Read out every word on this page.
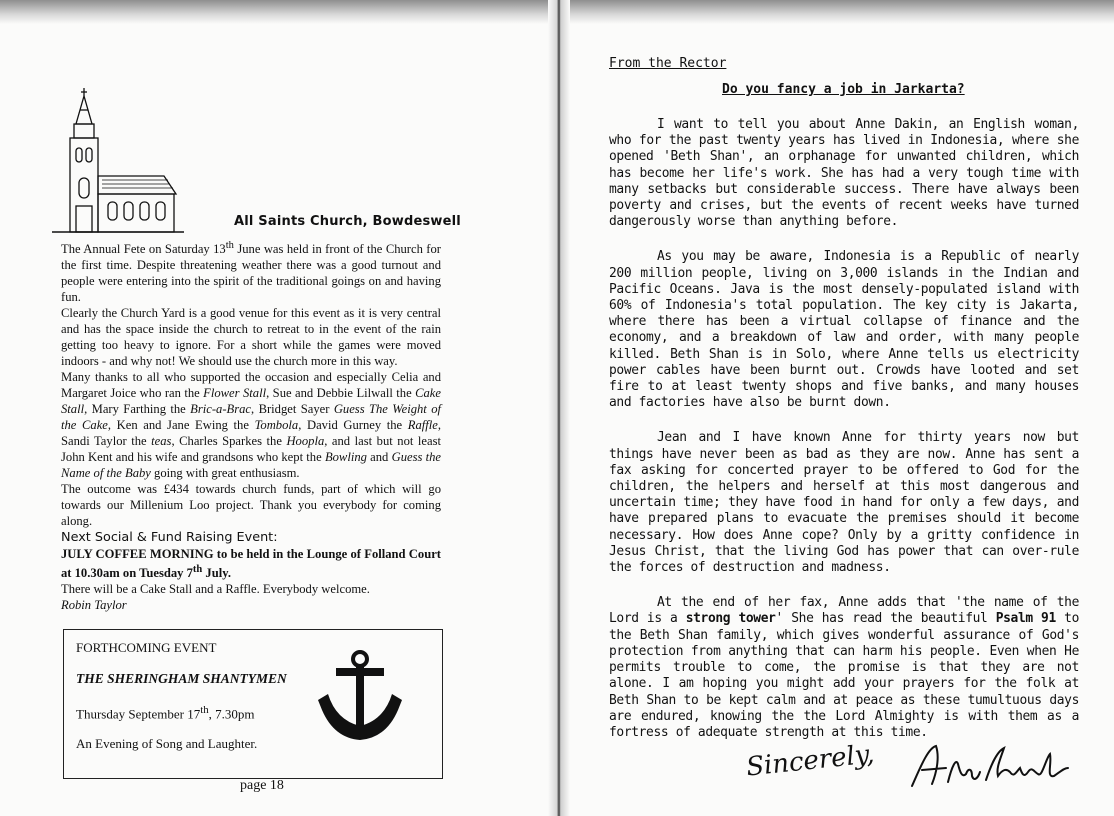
All Saints Church, Bowdeswell

The Annual Fete on Saturday 13th June was held in front of the Church for the first time. Despite threatening weather there was a good turnout and people were entering into the spirit of the traditional goings on and having fun.

Clearly the Church Yard is a good venue for this event as it is very central and has the space inside the church to retreat to in the event of the rain getting too heavy to ignore. For a short while the games were moved indoors - and why not! We should use the church more in this way.

Many thanks to all who supported the occasion and especially Celia and Margaret Joice who ran the Flower Stall, Sue and Debbie Lilwall the Cake Stall, Mary Farthing the Bric-a-Brac, Bridget Sayer Guess The Weight of the Cake, Ken and Jane Ewing the Tombola, David Gurney the Raffle, Sandi Taylor the teas, Charles Sparkes the Hoopla, and last but not least John Kent and his wife and grandsons who kept the Bowling and Guess the Name of the Baby going with great enthusiasm.

The outcome was £434 towards church funds, part of which will go towards our Millenium Loo project. Thank you everybody for coming along.

Next Social & Fund Raising Event:

JULY COFFEE MORNING to be held in the Lounge of Folland Court at 10.30am on Tuesday 7th July.

There will be a Cake Stall and a Raffle. Everybody welcome.

Robin Taylor

FORTHCOMING EVENT
THE SHERINGHAM SHANTYMEN
Thursday September 17th, 7.30pm
An Evening of Song and Laughter.
page 18
From the Rector
Do you fancy a job in Jarkarta?

I want to tell you about Anne Dakin, an English woman, who for the past twenty years has lived in Indonesia, where she opened 'Beth Shan', an orphanage for unwanted children, which has become her life's work. She has had a very tough time with many setbacks but considerable success. There have always been poverty and crises, but the events of recent weeks have turned dangerously worse than anything before.

As you may be aware, Indonesia is a Republic of nearly 200 million people, living on 3,000 islands in the Indian and Pacific Oceans. Java is the most densely-populated island with 60% of Indonesia's total population. The key city is Jakarta, where there has been a virtual collapse of finance and the economy, and a breakdown of law and order, with many people killed. Beth Shan is in Solo, where Anne tells us electricity power cables have been burnt out. Crowds have looted and set fire to at least twenty shops and five banks, and many houses and factories have also be burnt down.

Jean and I have known Anne for thirty years now but things have never been as bad as they are now. Anne has sent a fax asking for concerted prayer to be offered to God for the children, the helpers and herself at this most dangerous and uncertain time; they have food in hand for only a few days, and have prepared plans to evacuate the premises should it become necessary. How does Anne cope? Only by a gritty confidence in Jesus Christ, that the living God has power that can over-rule the forces of destruction and madness.

At the end of her fax, Anne adds that 'the name of the Lord is a strong tower' She has read the beautiful Psalm 91 to the Beth Shan family, which gives wonderful assurance of God's protection from anything that can harm his people. Even when He permits trouble to come, the promise is that they are not alone. I am hoping you might add your prayers for the folk at Beth Shan to be kept calm and at peace as these tumultuous days are endured, knowing the the Lord Almighty is with them as a fortress of adequate strength at this time.

Sincerely,
